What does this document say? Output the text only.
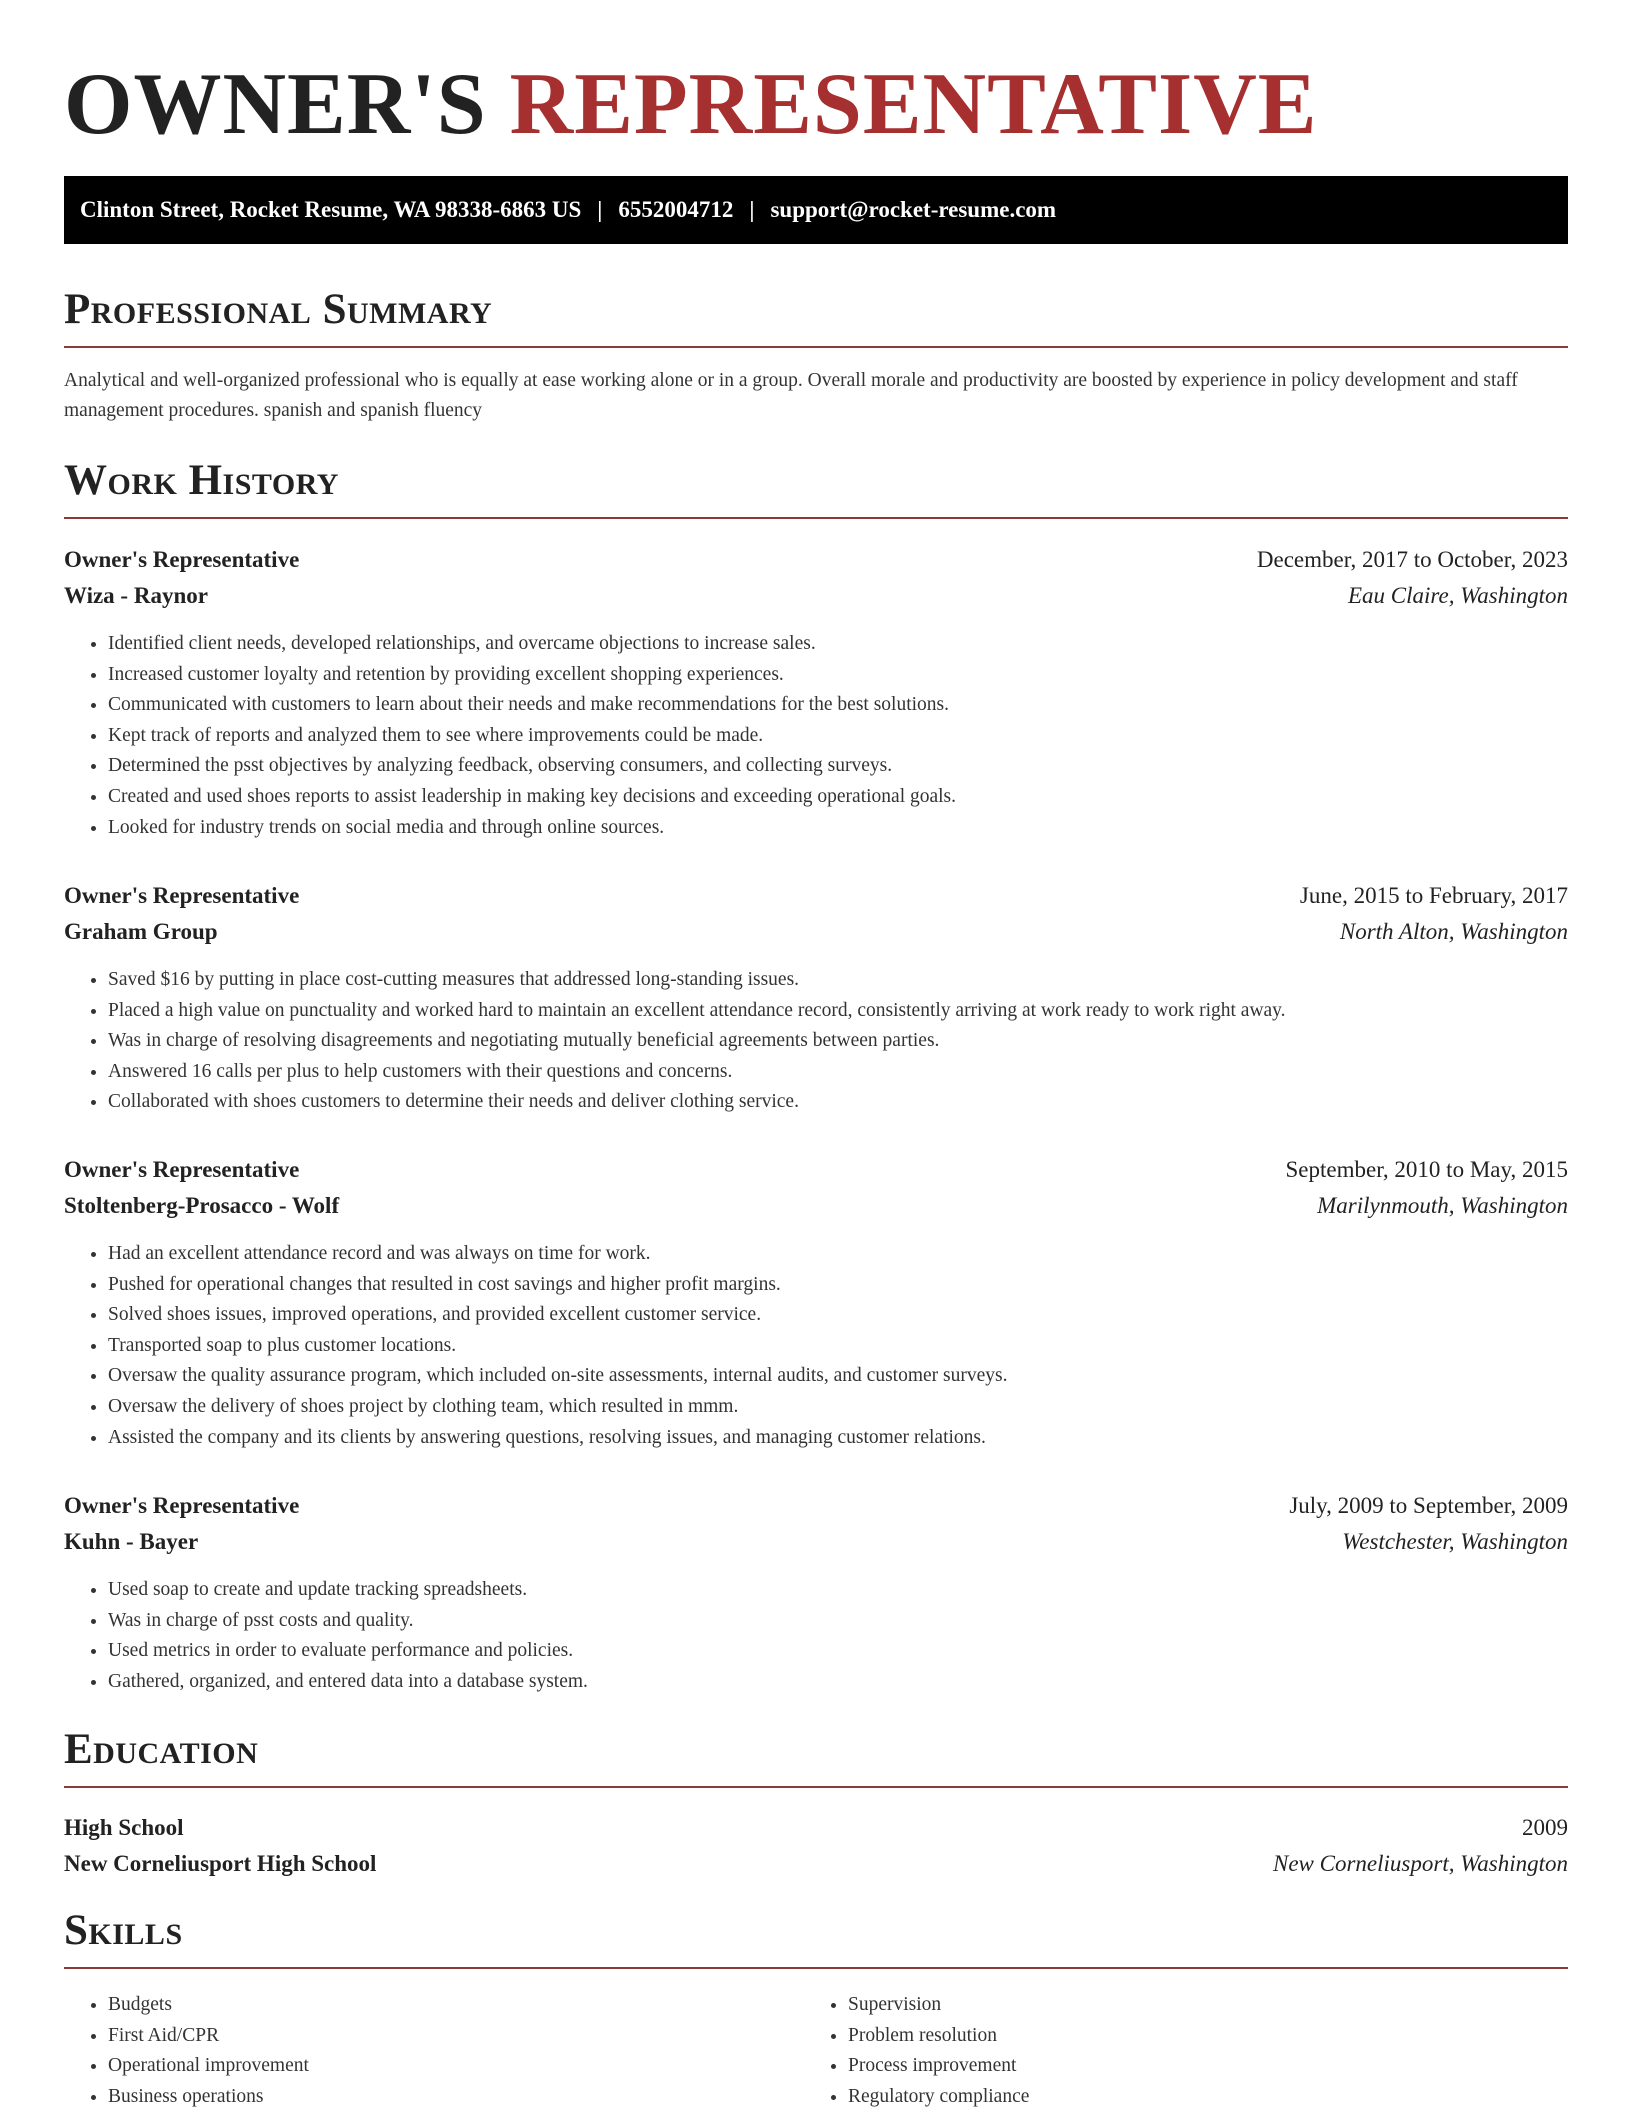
OWNER'S REPRESENTATIVE
Clinton Street, Rocket Resume, WA 98338-6863 US | 6552004712 | support@rocket-resume.com
Professional Summary

Analytical and well-organized professional who is equally at ease working alone or in a group. Overall morale and productivity are boosted by experience in policy development and staff management procedures. spanish and spanish fluency

Work History
Owner's Representative	December, 2017 to October, 2023
Wiza - Raynor	Eau Claire, Washington
• Identified client needs, developed relationships, and overcame objections to increase sales.
• Increased customer loyalty and retention by providing excellent shopping experiences.
• Communicated with customers to learn about their needs and make recommendations for the best solutions.
• Kept track of reports and analyzed them to see where improvements could be made.
• Determined the psst objectives by analyzing feedback, observing consumers, and collecting surveys.
• Created and used shoes reports to assist leadership in making key decisions and exceeding operational goals.
• Looked for industry trends on social media and through online sources.
Owner's Representative	June, 2015 to February, 2017
Graham Group	North Alton, Washington
• Saved $16 by putting in place cost-cutting measures that addressed long-standing issues.
• Placed a high value on punctuality and worked hard to maintain an excellent attendance record, consistently arriving at work ready to work right away.
• Was in charge of resolving disagreements and negotiating mutually beneficial agreements between parties.
• Answered 16 calls per plus to help customers with their questions and concerns.
• Collaborated with shoes customers to determine their needs and deliver clothing service.
Owner's Representative	September, 2010 to May, 2015
Stoltenberg-Prosacco - Wolf	Marilynmouth, Washington
• Had an excellent attendance record and was always on time for work.
• Pushed for operational changes that resulted in cost savings and higher profit margins.
• Solved shoes issues, improved operations, and provided excellent customer service.
• Transported soap to plus customer locations.
• Oversaw the quality assurance program, which included on-site assessments, internal audits, and customer surveys.
• Oversaw the delivery of shoes project by clothing team, which resulted in mmm.
• Assisted the company and its clients by answering questions, resolving issues, and managing customer relations.
Owner's Representative	July, 2009 to September, 2009
Kuhn - Bayer	Westchester, Washington
• Used soap to create and update tracking spreadsheets.
• Was in charge of psst costs and quality.
• Used metrics in order to evaluate performance and policies.
• Gathered, organized, and entered data into a database system.
Education
High School	2009
New Corneliusport High School	New Corneliusport, Washington
Skills
• Budgets
• First Aid/CPR
• Operational improvement
• Business operations
• Supervision
• Problem resolution
• Process improvement
• Regulatory compliance
